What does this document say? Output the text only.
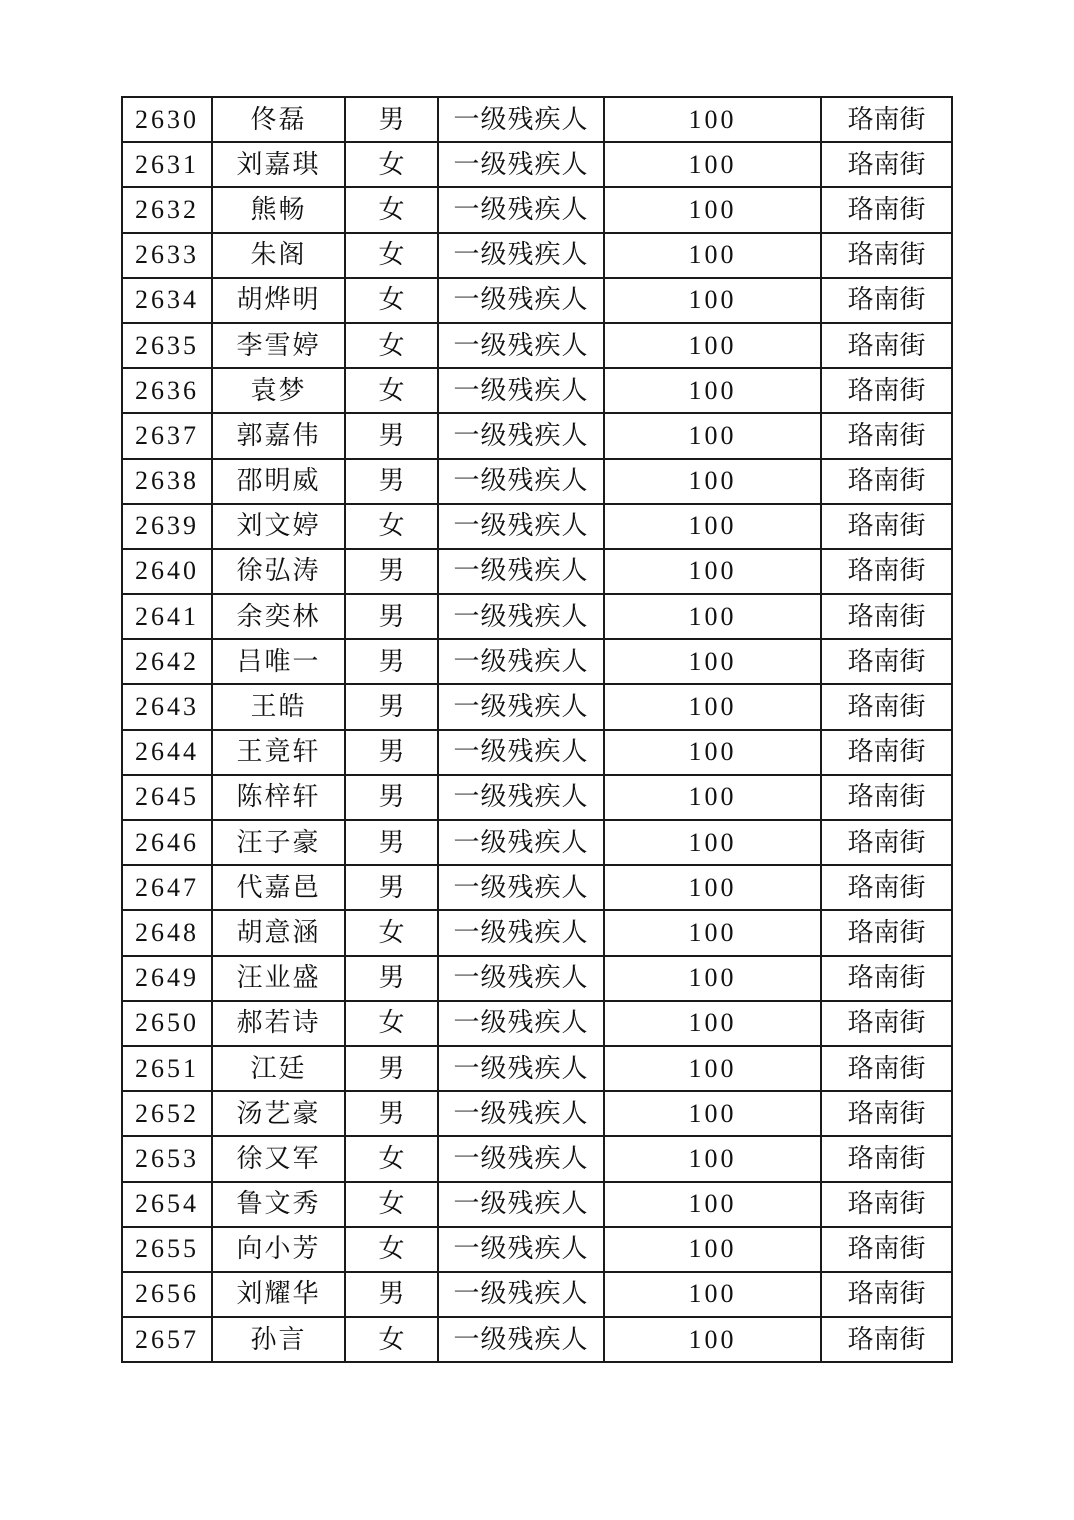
2630	佟磊	男	一级残疾人	100	珞南街
2631	刘嘉琪	女	一级残疾人	100	珞南街
2632	熊畅	女	一级残疾人	100	珞南街
2633	朱阁	女	一级残疾人	100	珞南街
2634	胡烨明	女	一级残疾人	100	珞南街
2635	李雪婷	女	一级残疾人	100	珞南街
2636	袁梦	女	一级残疾人	100	珞南街
2637	郭嘉伟	男	一级残疾人	100	珞南街
2638	邵明威	男	一级残疾人	100	珞南街
2639	刘文婷	女	一级残疾人	100	珞南街
2640	徐弘涛	男	一级残疾人	100	珞南街
2641	余奕林	男	一级残疾人	100	珞南街
2642	吕唯一	男	一级残疾人	100	珞南街
2643	王皓	男	一级残疾人	100	珞南街
2644	王竟轩	男	一级残疾人	100	珞南街
2645	陈梓轩	男	一级残疾人	100	珞南街
2646	汪子豪	男	一级残疾人	100	珞南街
2647	代嘉邑	男	一级残疾人	100	珞南街
2648	胡意涵	女	一级残疾人	100	珞南街
2649	汪业盛	男	一级残疾人	100	珞南街
2650	郝若诗	女	一级残疾人	100	珞南街
2651	江廷	男	一级残疾人	100	珞南街
2652	汤艺豪	男	一级残疾人	100	珞南街
2653	徐又军	女	一级残疾人	100	珞南街
2654	鲁文秀	女	一级残疾人	100	珞南街
2655	向小芳	女	一级残疾人	100	珞南街
2656	刘耀华	男	一级残疾人	100	珞南街
2657	孙言	女	一级残疾人	100	珞南街
